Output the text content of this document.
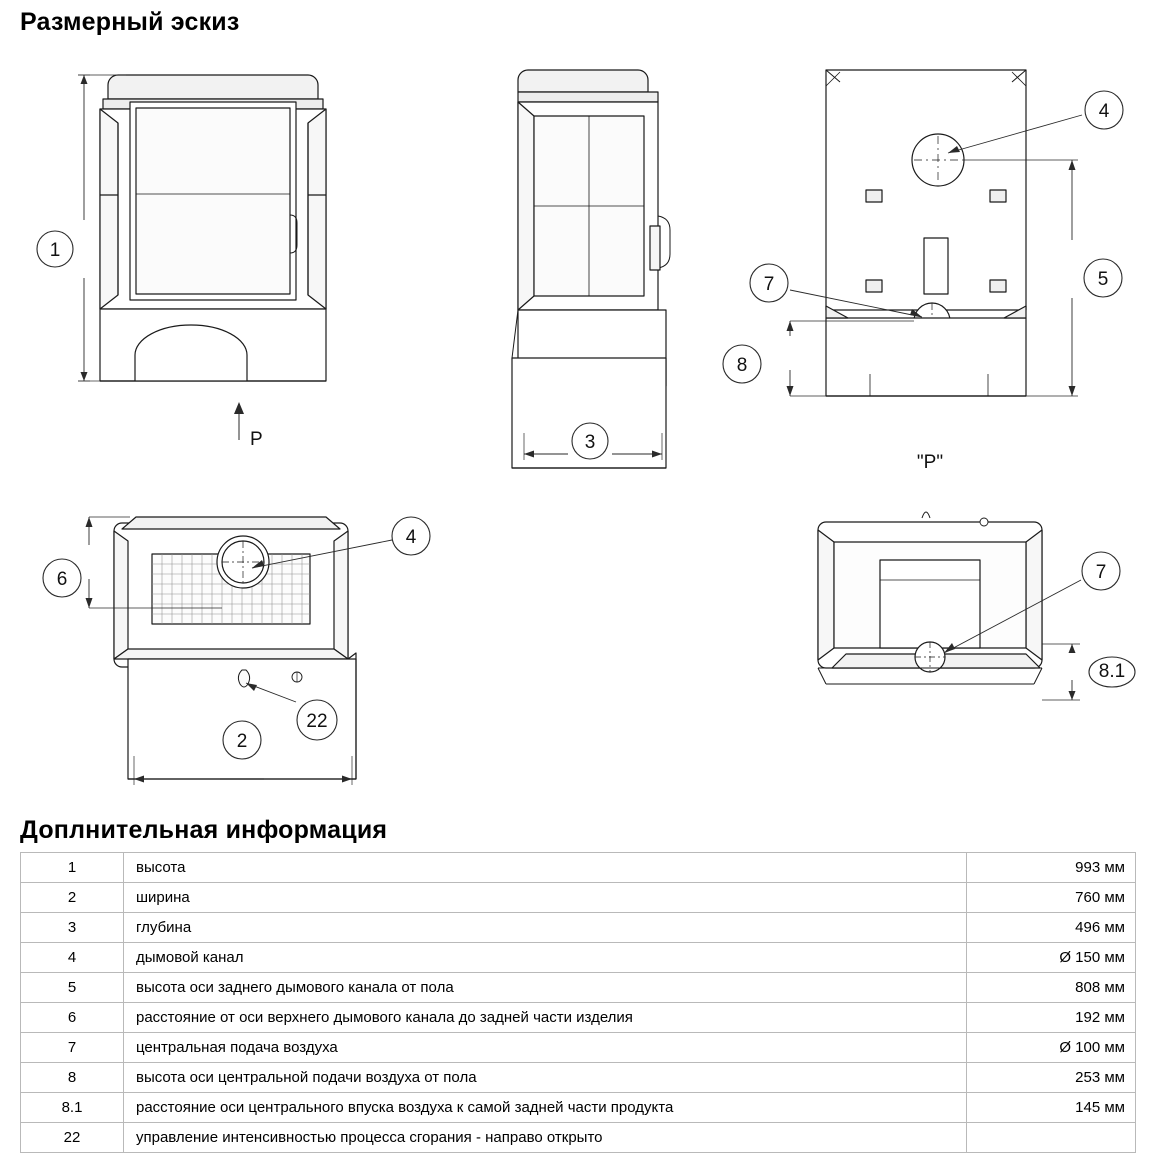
Размерный эскиз
1
P	3
4
7	5
8
4
22
6
2
"P"
7
8.1
Доплнительная информация
1	высота	993 мм
2	ширина	760 мм
3	глубина	496 мм
4	дымовой канал	Ø 150 мм
5	высота оси заднего дымового канала от пола	808 мм
6	расстояние от оси верхнего дымового канала до задней части изделия	192 мм
7	центральная подача воздуха	Ø 100 мм
8	высота оси центральной подачи воздуха от пола	253 мм
8.1	расстояние оси центрального впуска воздуха к самой задней части продукта	145 мм
22	управление интенсивностью процесса сгорания - направо открыто	
